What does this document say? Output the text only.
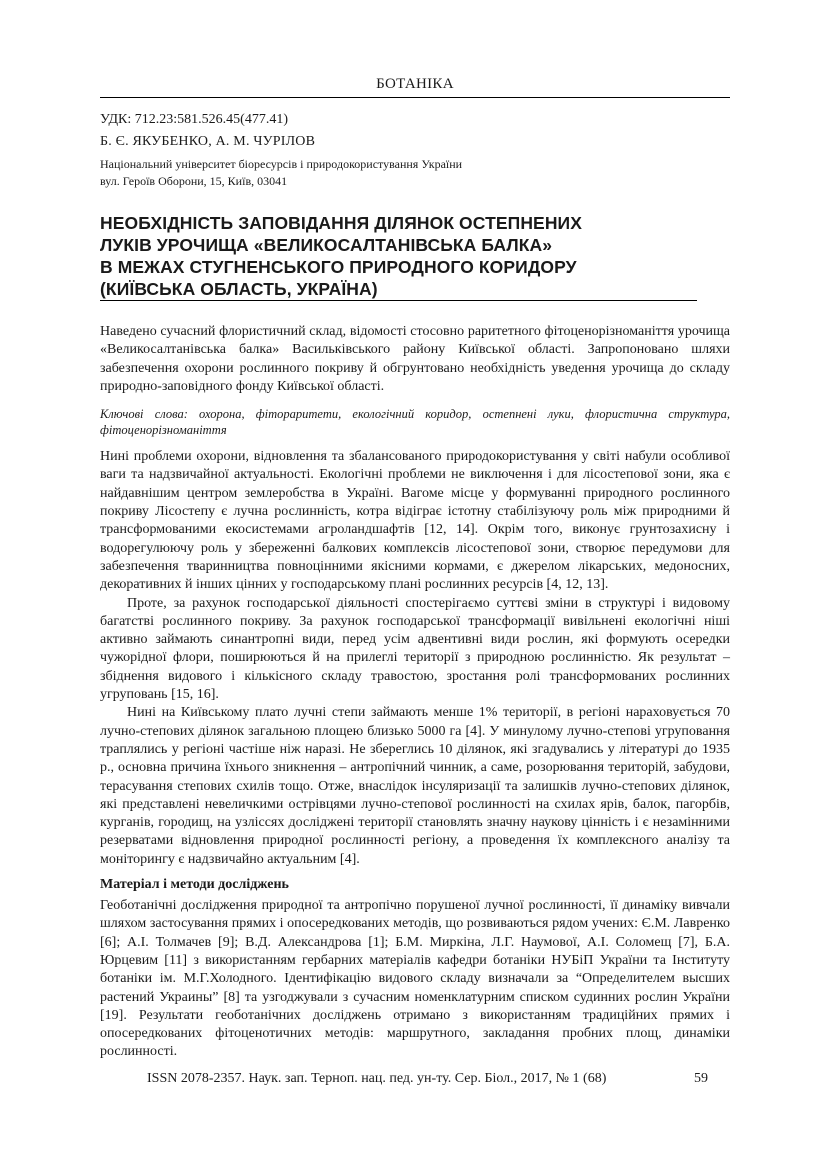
БОТАНІКА

УДК: 712.23:581.526.45(477.41)

Б. Є. ЯКУБЕНКО, А. М. ЧУРІЛОВ

Національний університет біоресурсів і природокористування України

вул. Героїв Оборони, 15, Київ, 03041

НЕОБХІДНІСТЬ ЗАПОВІДАННЯ ДІЛЯНОК ОСТЕПНЕНИХ
ЛУКІВ УРОЧИЩА «ВЕЛИКОСАЛТАНІВСЬКА БАЛКА»
В МЕЖАХ СТУГНЕНСЬКОГО ПРИРОДНОГО КОРИДОРУ
(КИЇВСЬКА ОБЛАСТЬ, УКРАЇНА)

Наведено сучасний флористичний склад, відомості стосовно раритетного фітоценорізноманіття урочища «Великосалтанівська балка» Васильківського району Київської області. Запропоновано шляхи забезпечення охорони рослинного покриву й обгрунтовано необхідність уведення урочища до складу природно-заповідного фонду Київської області.

Ключові слова: охорона, фітораритети, екологічний коридор, остепнені луки, флористична структура, фітоценорізноманіття

Нині проблеми охорони, відновлення та збалансованого природокористування у світі набули особливої ваги та надзвичайної актуальності. Екологічні проблеми не виключення і для лісостепової зони, яка є найдавнішим центром землеробства в Україні. Вагоме місце у формуванні природного рослинного покриву Лісостепу є лучна рослинність, котра відіграє істотну стабілізуючу роль між природними й трансформованими екосистемами агроландшафтів [12, 14]. Окрім того, виконує грунтозахисну і водорегулюючу роль у збереженні балкових комплексів лісостепової зони, створює передумови для забезпечення тваринництва повноцінними якісними кормами, є джерелом лікарських, медоносних, декоративних й інших цінних у господарському плані рослинних ресурсів [4, 12, 13].

Проте, за рахунок господарської діяльності спостерігаємо суттєві зміни в структурі і видовому багатстві рослинного покриву. За рахунок господарської трансформації вивільнені екологічні ніші активно займають синантропні види, перед усім адвентивні види рослин, які формують осередки чужорідної флори, поширюються й на прилеглі території з природною рослинністю. Як результат – збіднення видового і кількісного складу травостою, зростання ролі трансформованих рослинних угруповань [15, 16].

Нині на Київському плато лучні степи займають менше 1% території, в регіоні нараховується 70 лучно-степових ділянок загальною площею близько 5000 га [4]. У минулому лучно-степові угруповання траплялись у регіоні частіше ніж наразі. Не збереглись 10 ділянок, які згадувались у літературі до 1935 р., основна причина їхнього зникнення – антропічний чинник, а саме, розорювання територій, забудови, терасування степових схилів тощо. Отже, внаслідок інсуляризації та залишків лучно-степових ділянок, які представлені невеличкими острівцями лучно-степової рослинності на схилах ярів, балок, пагорбів, курганів, городищ, на узліссях досліджені території становлять значну наукову цінність і є незамінними резерватами відновлення природної рослинності регіону, а проведення їх комплексного аналізу та моніторингу є надзвичайно актуальним [4].

Матеріал і методи досліджень

Геоботанічні дослідження природної та антропічно порушеної лучної рослинності, її динаміку вивчали шляхом застосування прямих і опосередкованих методів, що розвиваються рядом учених: Є.М. Лавренко [6]; А.І. Толмачев [9]; В.Д. Александрова [1]; Б.М. Миркіна, Л.Г. Наумової, А.І. Соломещ [7], Б.А. Юрцевим [11] з використанням гербарних матеріалів кафедри ботаніки НУБіП України та Інституту ботаніки ім. М.Г.Холодного. Ідентифікацію видового складу визначали за “Определителем высших растений Украины” [8] та узгоджували з сучасним номенклатурним списком судинних рослин України [19]. Результати геоботанічних досліджень отримано з використанням традиційних прямих і опосередкованих фітоценотичних методів: маршрутного, закладання пробних площ, динаміки рослинності.

ISSN 2078-2357. Наук. зап. Терноп. нац. пед. ун-ту. Сер. Біол., 2017, № 1 (68)	59
